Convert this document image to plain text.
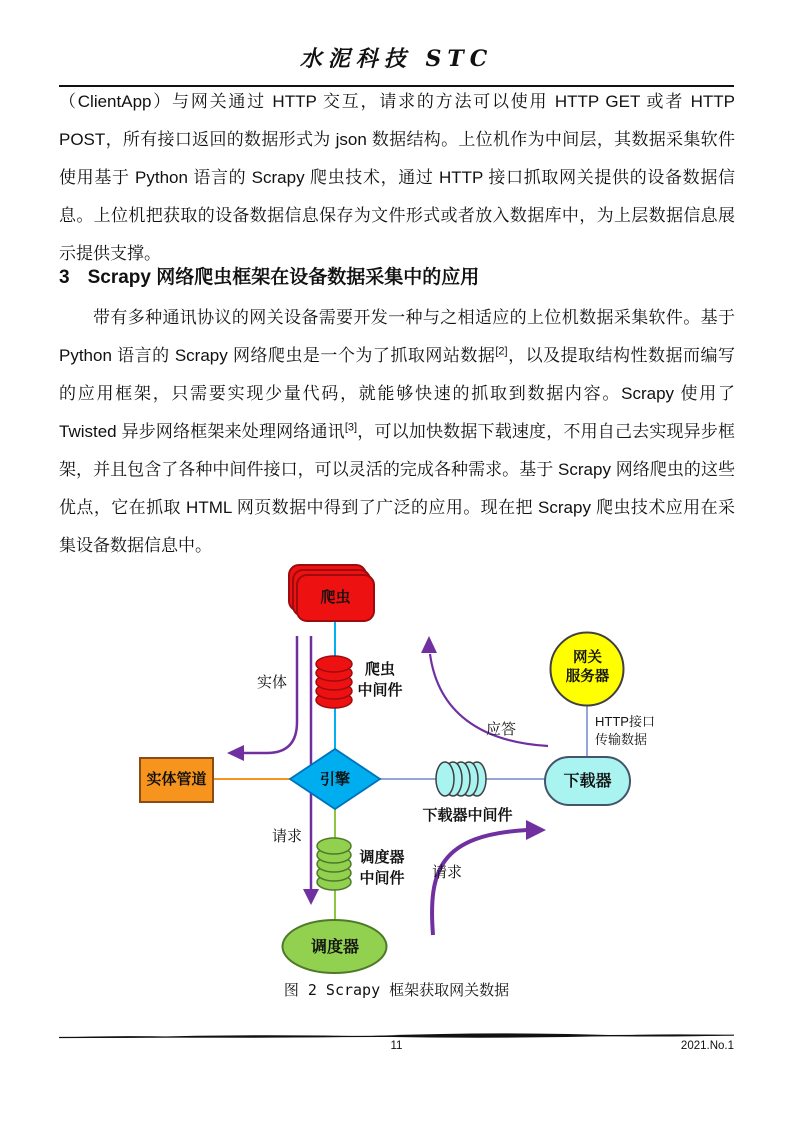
水泥科技 STC
（ClientApp）与网关通过 HTTP 交互，请求的方法可以使用 HTTP GET 或者 HTTP POST，所有接口返回的数据形式为 json 数据结构。上位机作为中间层，其数据采集软件使用基于 Python 语言的 Scrapy 爬虫技术，通过 HTTP 接口抓取网关提供的设备数据信息。上位机把获取的设备数据信息保存为文件形式或者放入数据库中，为上层数据信息展示提供支撑。
3 Scrapy 网络爬虫框架在设备数据采集中的应用
带有多种通讯协议的网关设备需要开发一种与之相适应的上位机数据采集软件。基于 Python 语言的 Scrapy 网络爬虫是一个为了抓取网站数据[2]，以及提取结构性数据而编写的应用框架，只需要实现少量代码，就能够快速的抓取到数据内容。Scrapy 使用了 Twisted 异步网络框架来处理网络通讯[3]，可以加快数据下载速度，不用自己去实现异步框架，并且包含了各种中间件接口，可以灵活的完成各种需求。基于 Scrapy 网络爬虫的这些优点，它在抓取 HTML 网页数据中得到了广泛的应用。现在把 Scrapy 爬虫技术应用在采集设备数据信息中。
爬虫
爬虫
中间件
引擎
实体管道
下载器中间件
下载器
网关
服务器
调度器
中间件
调度器
实体
请求
应答
请求
HTTP接口
传输数据
图 2 Scrapy 框架获取网关数据
11	2021.No.1
